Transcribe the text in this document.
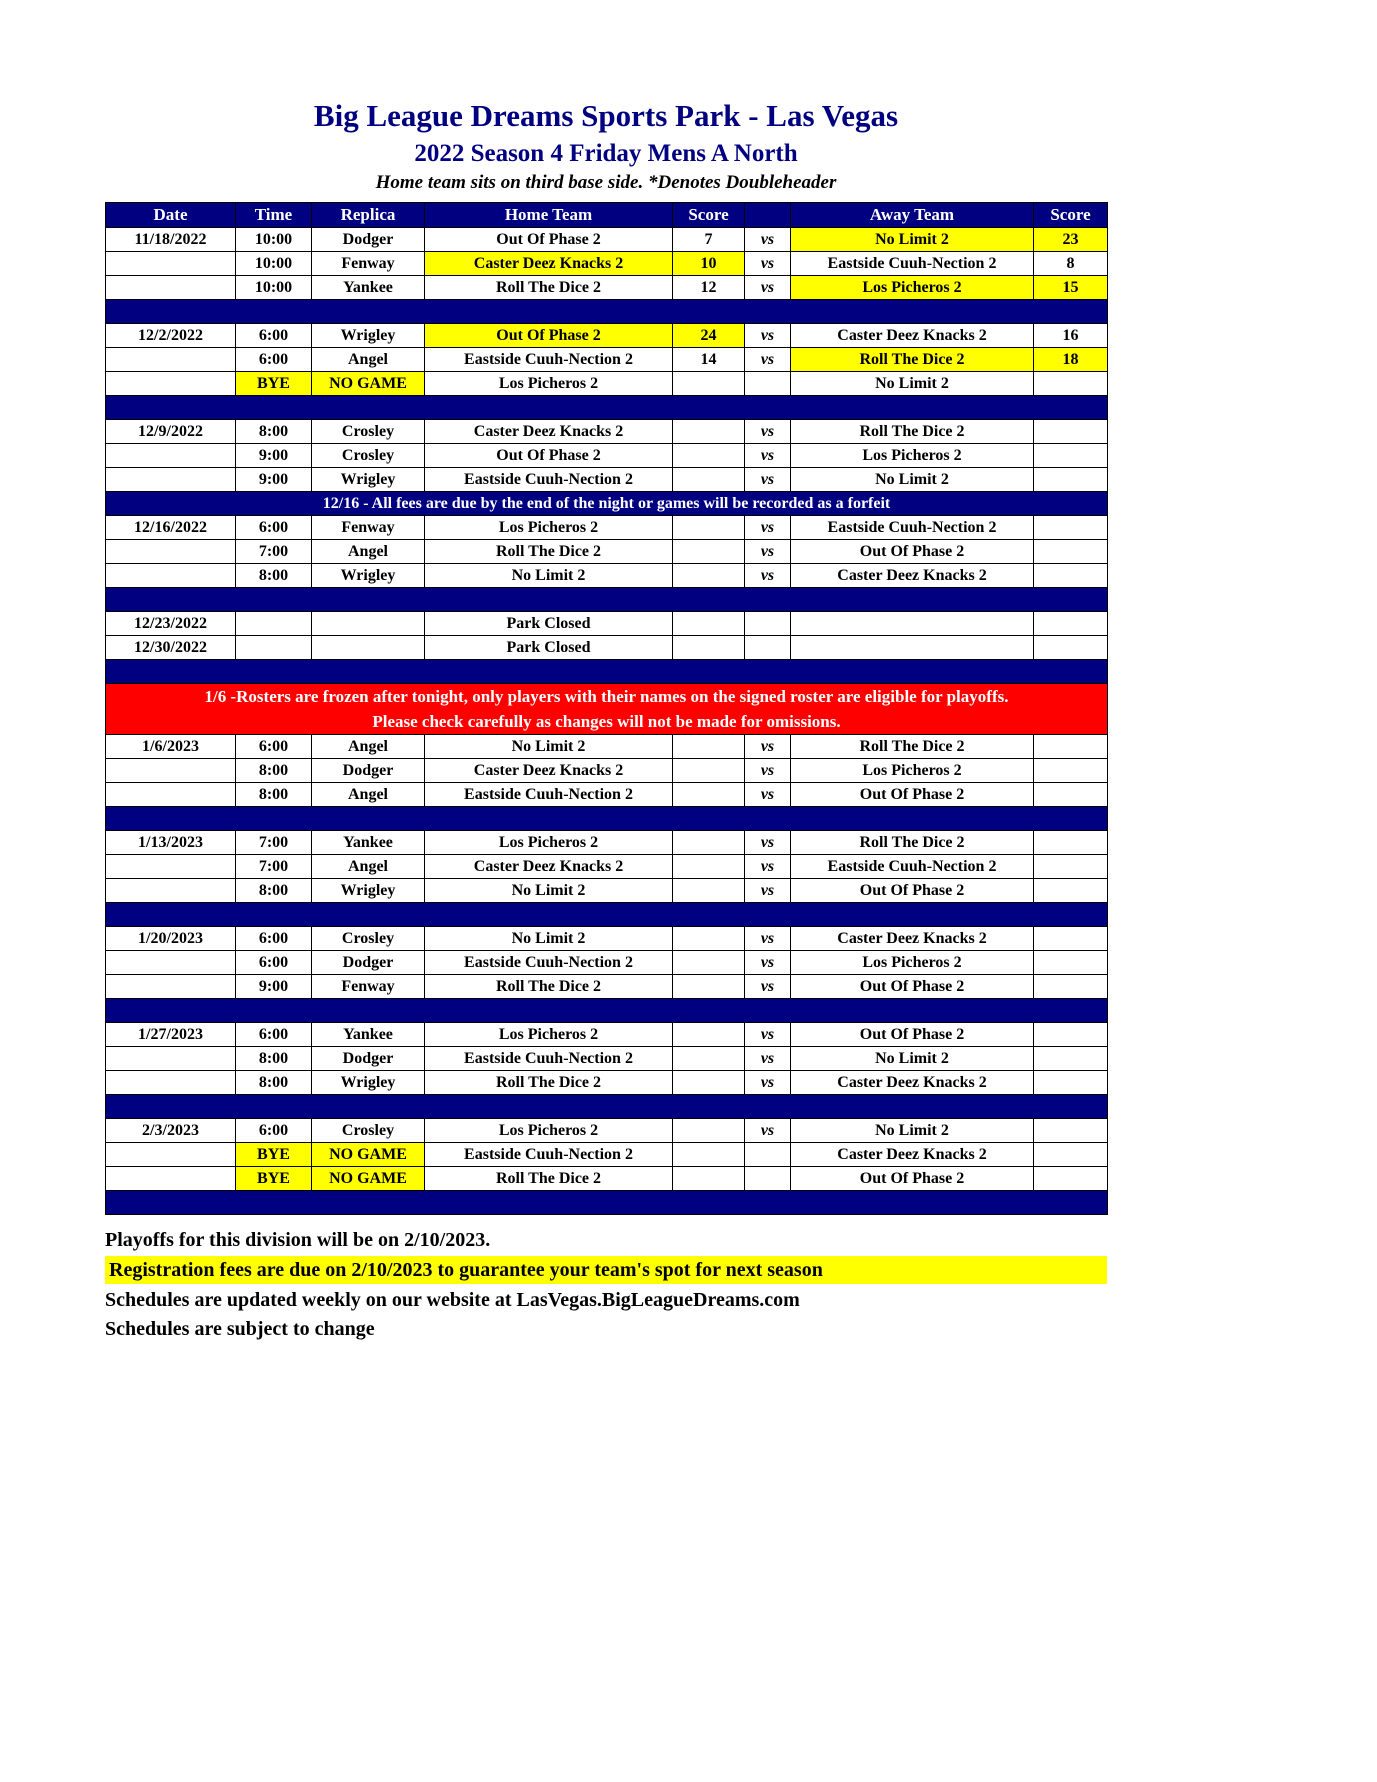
Big League Dreams Sports Park - Las Vegas
2022 Season 4 Friday Mens A North
Home team sits on third base side. *Denotes Doubleheader
Date	Time	Replica	Home Team	Score		Away Team	Score
11/18/2022	10:00	Dodger	Out Of Phase 2	7	vs	No Limit 2	23
	10:00	Fenway	Caster Deez Knacks 2	10	vs	Eastside Cuuh-Nection 2	8
	10:00	Yankee	Roll The Dice 2	12	vs	Los Picheros 2	15

12/2/2022	6:00	Wrigley	Out Of Phase 2	24	vs	Caster Deez Knacks 2	16
	6:00	Angel	Eastside Cuuh-Nection 2	14	vs	Roll The Dice 2	18
	BYE	NO GAME	Los Picheros 2			No Limit 2	

12/9/2022	8:00	Crosley	Caster Deez Knacks 2		vs	Roll The Dice 2	
	9:00	Crosley	Out Of Phase 2		vs	Los Picheros 2	
	9:00	Wrigley	Eastside Cuuh-Nection 2		vs	No Limit 2	
12/16 - All fees are due by the end of the night or games will be recorded as a forfeit							
12/16/2022	6:00	Fenway	Los Picheros 2		vs	Eastside Cuuh-Nection 2	
	7:00	Angel	Roll The Dice 2		vs	Out Of Phase 2	
	8:00	Wrigley	No Limit 2		vs	Caster Deez Knacks 2	

12/23/2022			Park Closed				
12/30/2022			Park Closed				

1/6 -Rosters are frozen after tonight, only players with their names on the signed roster are eligible for playoffs.
Please check carefully as changes will not be made for omissions.							

1/6/2023	6:00	Angel	No Limit 2		vs	Roll The Dice 2	
	8:00	Dodger	Caster Deez Knacks 2		vs	Los Picheros 2	
	8:00	Angel	Eastside Cuuh-Nection 2		vs	Out Of Phase 2	

1/13/2023	7:00	Yankee	Los Picheros 2		vs	Roll The Dice 2	
	7:00	Angel	Caster Deez Knacks 2		vs	Eastside Cuuh-Nection 2	
	8:00	Wrigley	No Limit 2		vs	Out Of Phase 2	

1/20/2023	6:00	Crosley	No Limit 2		vs	Caster Deez Knacks 2	
	6:00	Dodger	Eastside Cuuh-Nection 2		vs	Los Picheros 2	
	9:00	Fenway	Roll The Dice 2		vs	Out Of Phase 2	

1/27/2023	6:00	Yankee	Los Picheros 2		vs	Out Of Phase 2	
	8:00	Dodger	Eastside Cuuh-Nection 2		vs	No Limit 2	
	8:00	Wrigley	Roll The Dice 2		vs	Caster Deez Knacks 2	

2/3/2023	6:00	Crosley	Los Picheros 2		vs	No Limit 2	
	BYE	NO GAME	Eastside Cuuh-Nection 2			Caster Deez Knacks 2	
	BYE	NO GAME	Roll The Dice 2			Out Of Phase 2	

Playoffs for this division will be on 2/10/2023.
Registration fees are due on 2/10/2023 to guarantee your team's spot for next season
Schedules are updated weekly on our website at LasVegas.BigLeagueDreams.com
Schedules are subject to change
